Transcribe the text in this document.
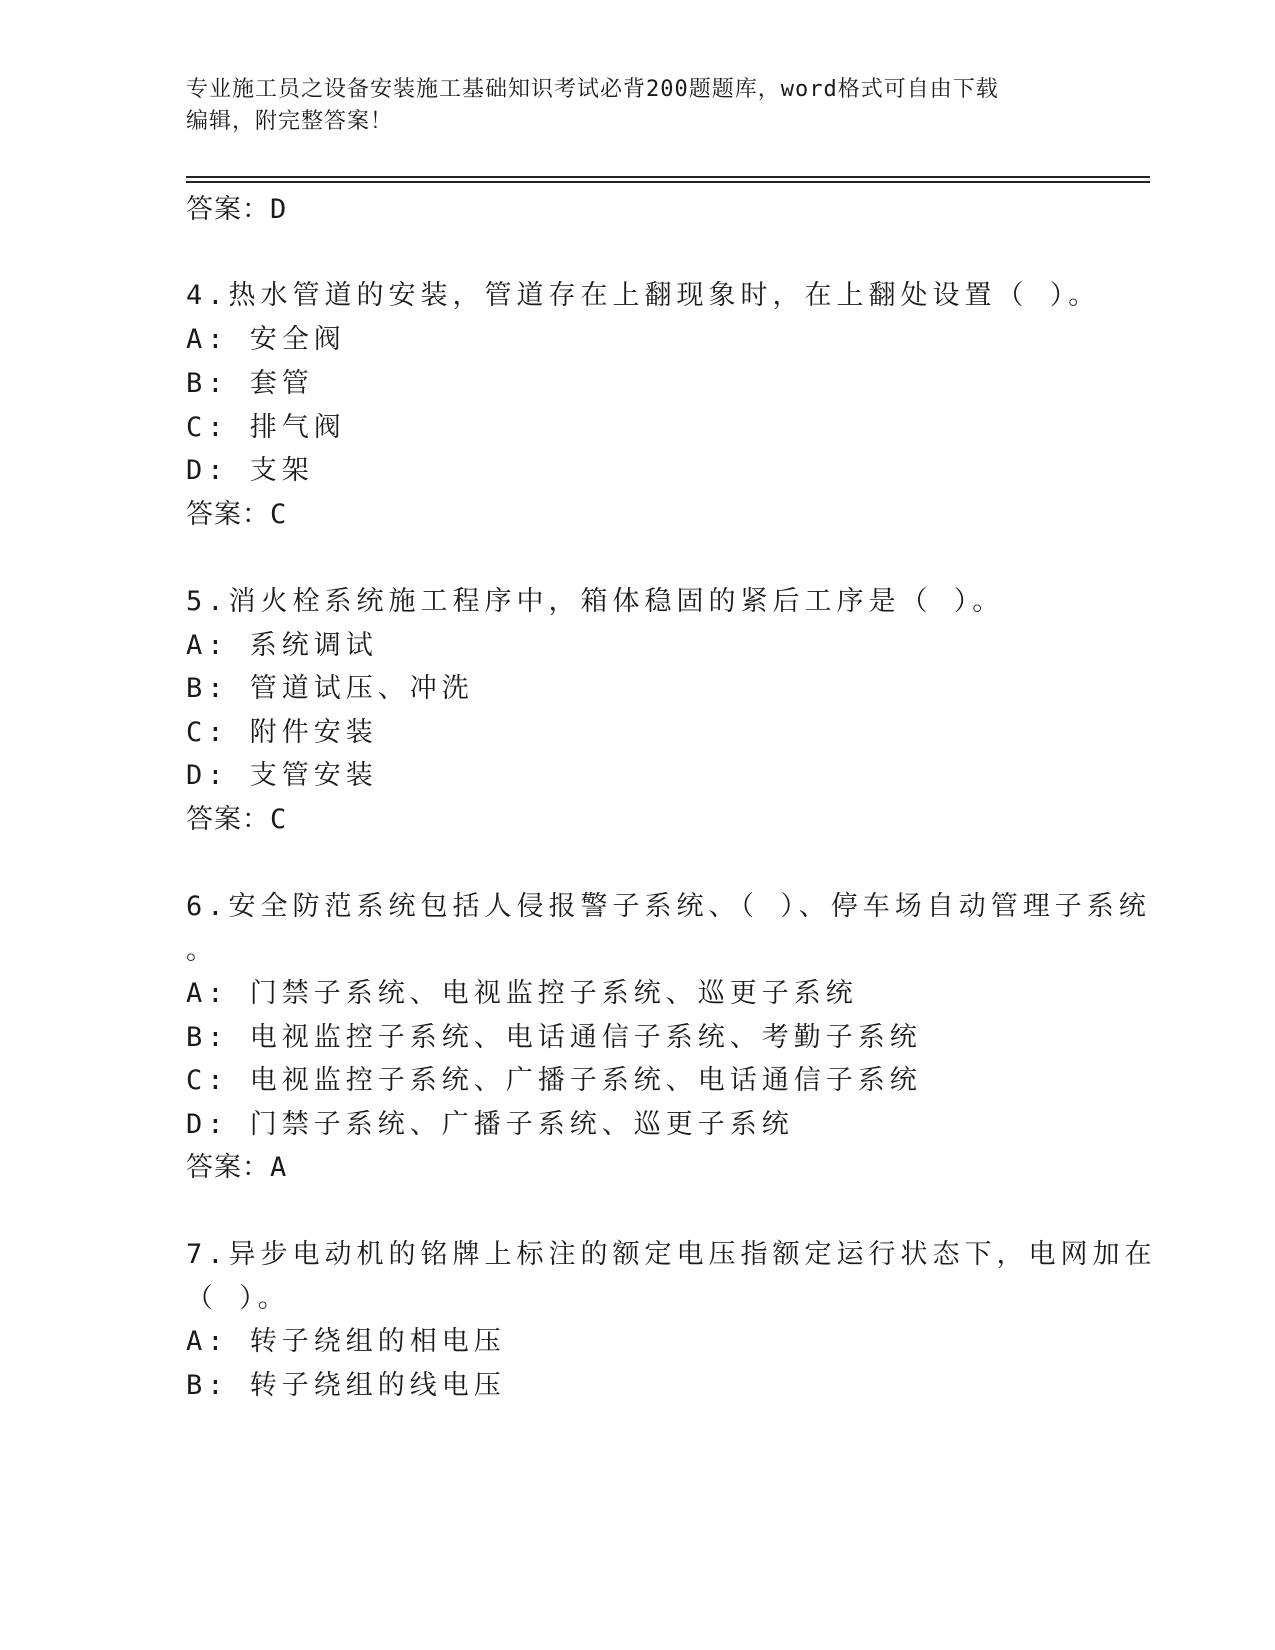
专业施工员之设备安装施工基础知识考试必背200题题库，word格式可自由下载
编辑，附完整答案！
答案：D
4.热水管道的安装，管道存在上翻现象时，在上翻处设置（ ）。
A: 安全阀
B: 套管
C: 排气阀
D: 支架
答案：C
5.消火栓系统施工程序中，箱体稳固的紧后工序是（ ）。
A: 系统调试
B: 管道试压、冲洗
C: 附件安装
D: 支管安装
答案：C
6.安全防范系统包括人侵报警子系统、（ ）、停车场自动管理子系统
。
A: 门禁子系统、电视监控子系统、巡更子系统
B: 电视监控子系统、电话通信子系统、考勤子系统
C: 电视监控子系统、广播子系统、电话通信子系统
D: 门禁子系统、广播子系统、巡更子系统
答案：A
7.异步电动机的铭牌上标注的额定电压指额定运行状态下，电网加在
（ ）。
A: 转子绕组的相电压
B: 转子绕组的线电压
